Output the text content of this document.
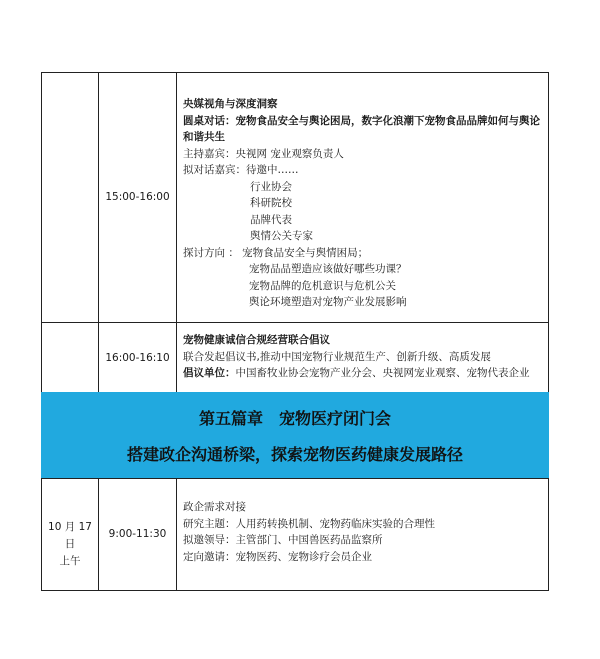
15:00-16:00
央媒视角与深度洞察
圆桌对话：宠物食品安全与舆论困局，数字化浪潮下宠物食品品牌如何与舆论和谐共生
主持嘉宾：央视网 宠业观察负责人
拟对话嘉宾：待邀中……
行业协会
科研院校
品牌代表
舆情公关专家
探讨方向 ： 宠物食品安全与舆情困局；
宠物品品塑造应该做好哪些功课？
宠物品牌的危机意识与危机公关
舆论环境塑造对宠物产业发展影响
16:00-16:10
宠物健康诚信合规经营联合倡议
联合发起倡议书,推动中国宠物行业规范生产、创新升级、高质发展
倡议单位：中国畜牧业协会宠物产业分会、央视网宠业观察、宠物代表企业
第五篇章　宠物医疗闭门会
搭建政企沟通桥梁，探索宠物医药健康发展路径
10 月 17 日
上午
9:00-11:30
政企需求对接
研究主题：人用药转换机制、宠物药临床实验的合理性
拟邀领导：主管部门、中国兽医药品监察所
定向邀请：宠物医药、宠物诊疗会员企业
